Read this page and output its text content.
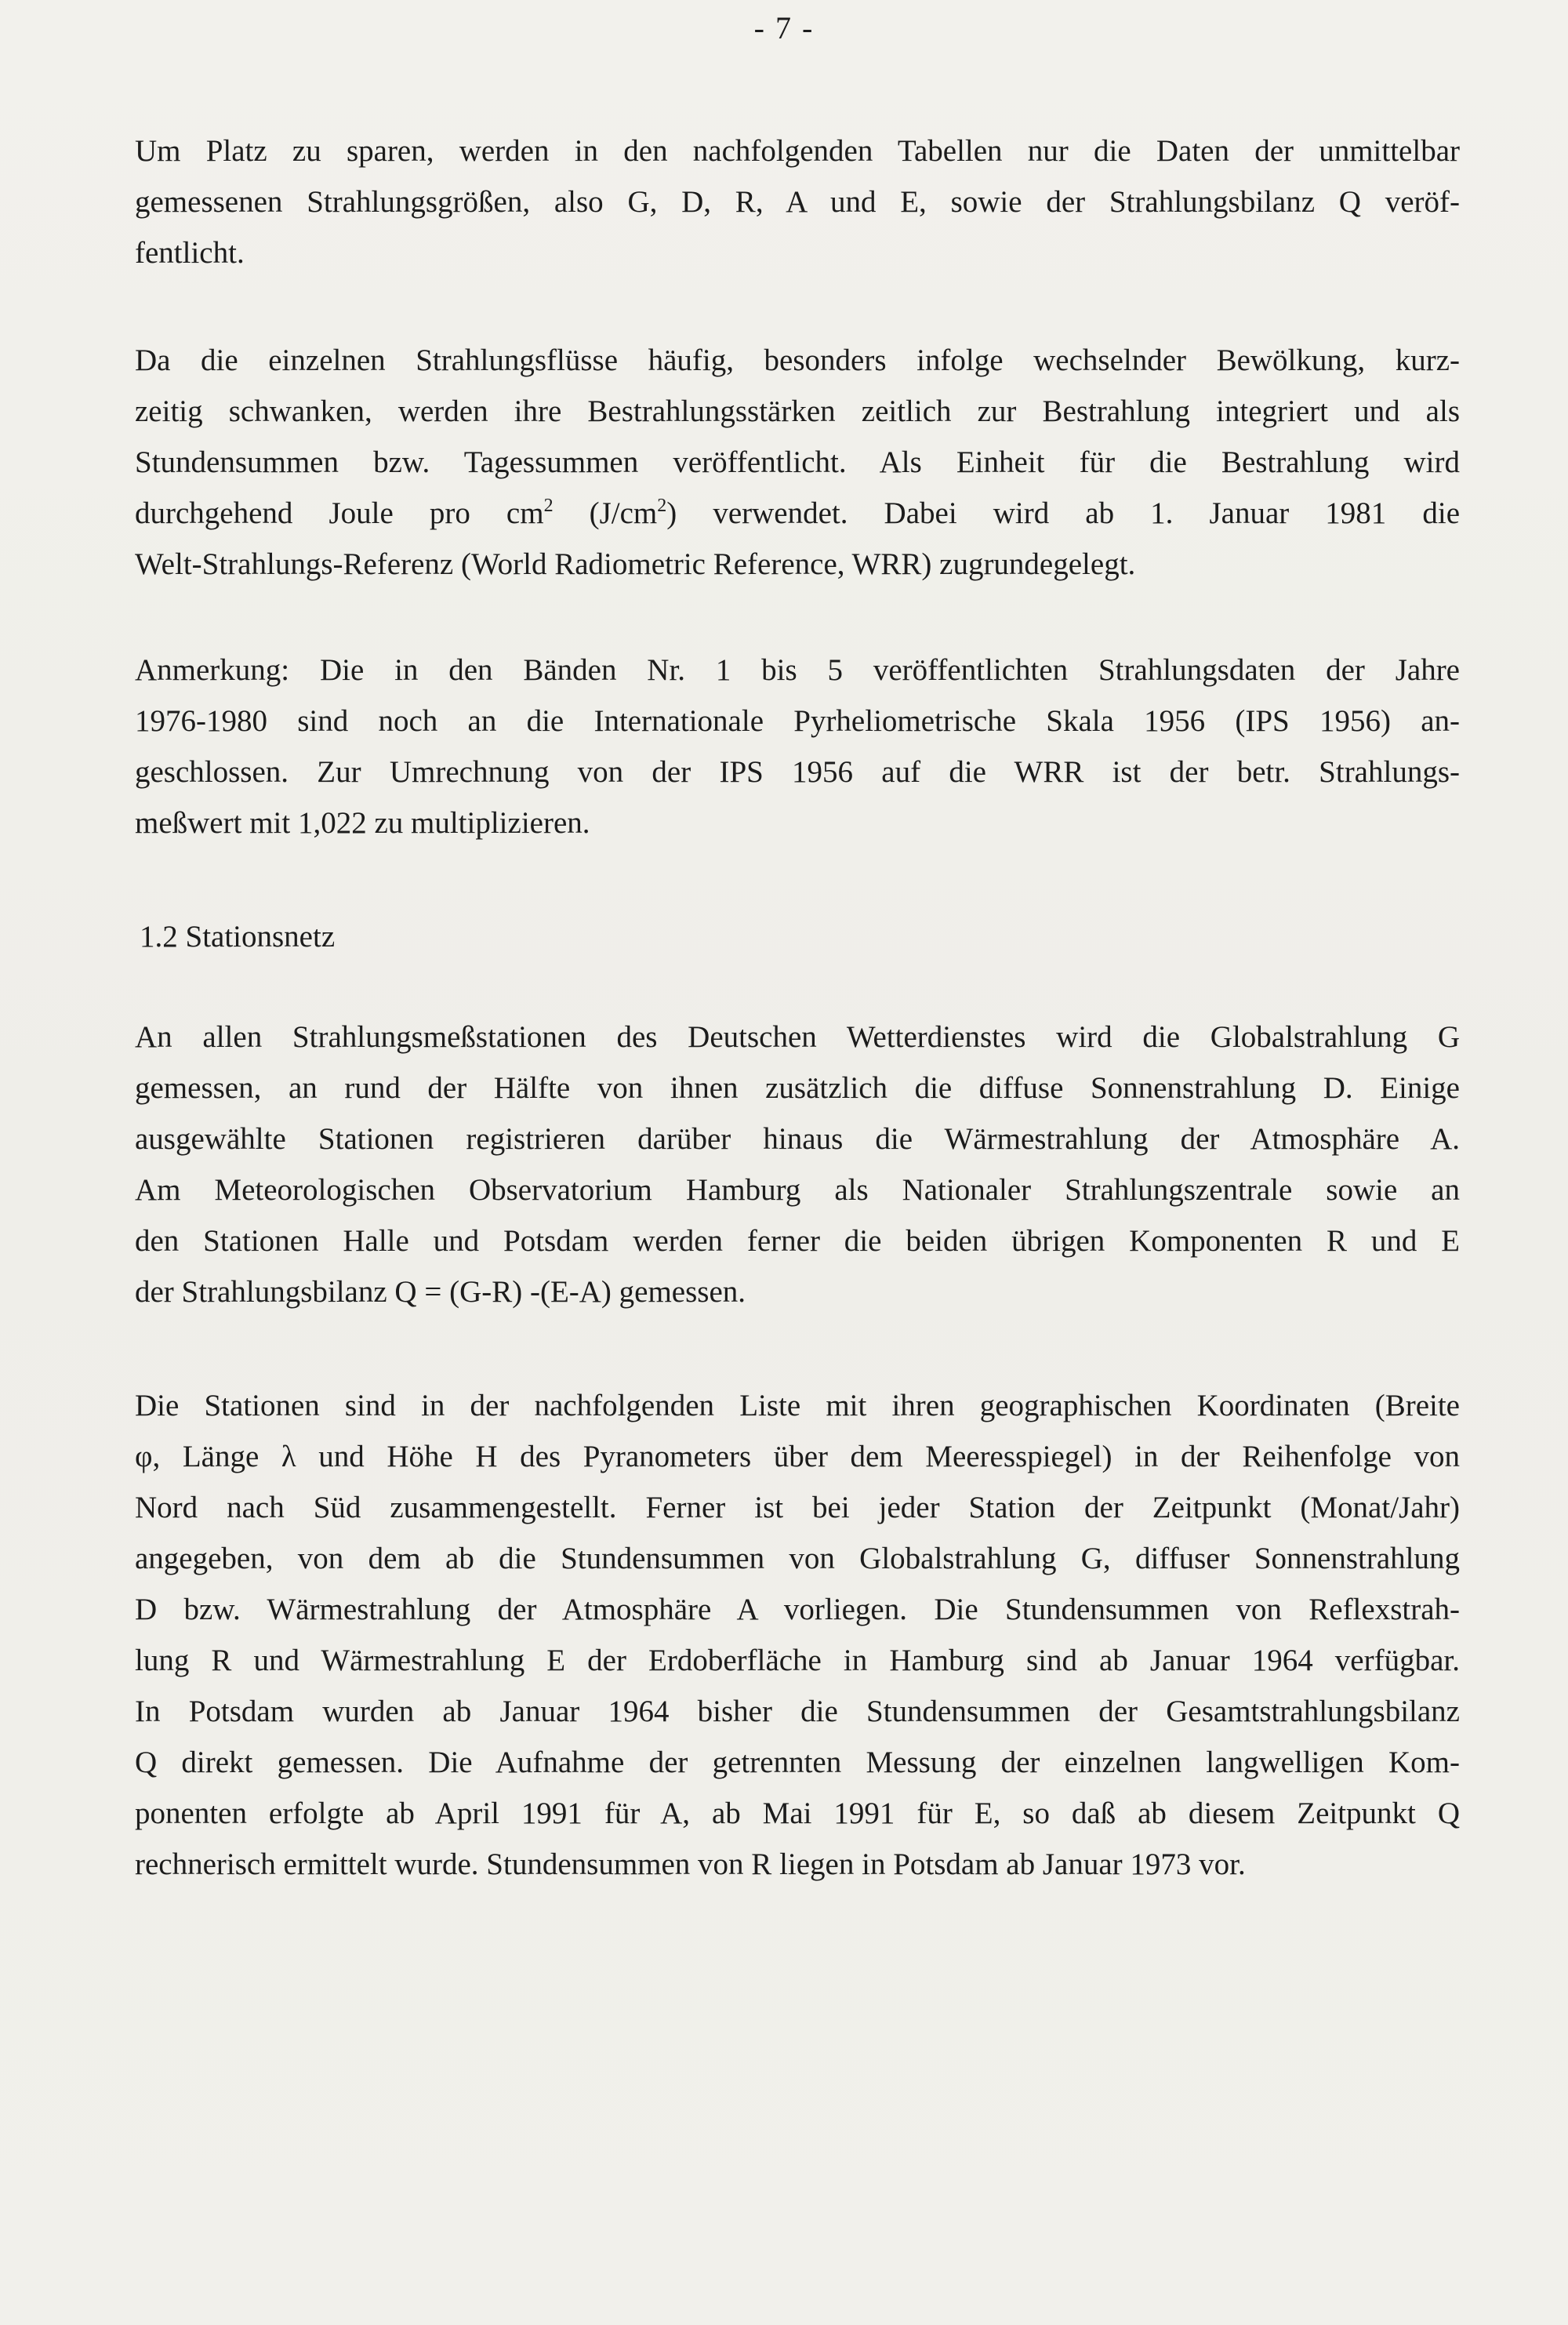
- 7 -

Um Platz zu sparen, werden in den nachfolgenden Tabellen nur die Daten der unmittelbar
gemessenen Strahlungsgrößen, also G, D, R, A und E, sowie der Strahlungsbilanz Q veröf-
fentlicht.

Da die einzelnen Strahlungsflüsse häufig, besonders infolge wechselnder Bewölkung, kurz-
zeitig schwanken, werden ihre Bestrahlungsstärken zeitlich zur Bestrahlung integriert und als
Stundensummen bzw. Tagessummen veröffentlicht. Als Einheit für die Bestrahlung wird
durchgehend Joule pro $cm^2$ $(J/cm^2)$ verwendet. Dabei wird ab 1. Januar 1981 die
Welt-Strahlungs-Referenz (World Radiometric Reference, WRR) zugrundegelegt.

Anmerkung: Die in den Bänden Nr. 1 bis 5 veröffentlichten Strahlungsdaten der Jahre
1976-1980 sind noch an die Internationale Pyrheliometrische Skala 1956 (IPS 1956) an-
geschlossen. Zur Umrechnung von der IPS 1956 auf die WRR ist der betr. Strahlungs-
meßwert mit 1,022 zu multiplizieren.

1.2 Stationsnetz

An allen Strahlungsmeßstationen des Deutschen Wetterdienstes wird die Globalstrahlung G
gemessen, an rund der Hälfte von ihnen zusätzlich die diffuse Sonnenstrahlung D. Einige
ausgewählte Stationen registrieren darüber hinaus die Wärmestrahlung der Atmosphäre A.
Am Meteorologischen Observatorium Hamburg als Nationaler Strahlungszentrale sowie an
den Stationen Halle und Potsdam werden ferner die beiden übrigen Komponenten R und E
der Strahlungsbilanz Q = (G-R) -(E-A) gemessen.

Die Stationen sind in der nachfolgenden Liste mit ihren geographischen Koordinaten (Breite
φ, Länge λ und Höhe H des Pyranometers über dem Meeresspiegel) in der Reihenfolge von
Nord nach Süd zusammengestellt. Ferner ist bei jeder Station der Zeitpunkt (Monat/Jahr)
angegeben, von dem ab die Stundensummen von Globalstrahlung G, diffuser Sonnenstrahlung
D bzw. Wärmestrahlung der Atmosphäre A vorliegen. Die Stundensummen von Reflexstrah-
lung R und Wärmestrahlung E der Erdoberfläche in Hamburg sind ab Januar 1964 verfügbar.
In Potsdam wurden ab Januar 1964 bisher die Stundensummen der Gesamtstrahlungsbilanz
Q direkt gemessen. Die Aufnahme der getrennten Messung der einzelnen langwelligen Kom-
ponenten erfolgte ab April 1991 für A, ab Mai 1991 für E, so daß ab diesem Zeitpunkt Q
rechnerisch ermittelt wurde. Stundensummen von R liegen in Potsdam ab Januar 1973 vor.
